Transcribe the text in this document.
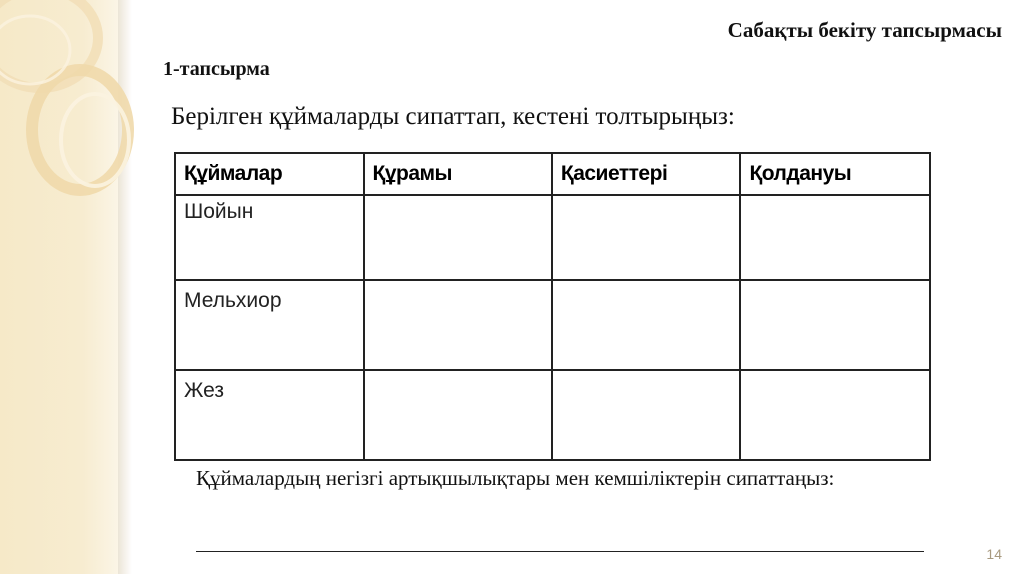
Сабақты бекіту тапсырмасы
1-тапсырма
Берілген құймаларды сипаттап, кестені толтырыңыз:
Құймалар	Құрамы	Қасиеттері	Қолдануы
Шойын			
Мельхиор			
Жез			
Құймалардың негізгі артықшылықтары мен кемшіліктерін сипаттаңыз:
14
